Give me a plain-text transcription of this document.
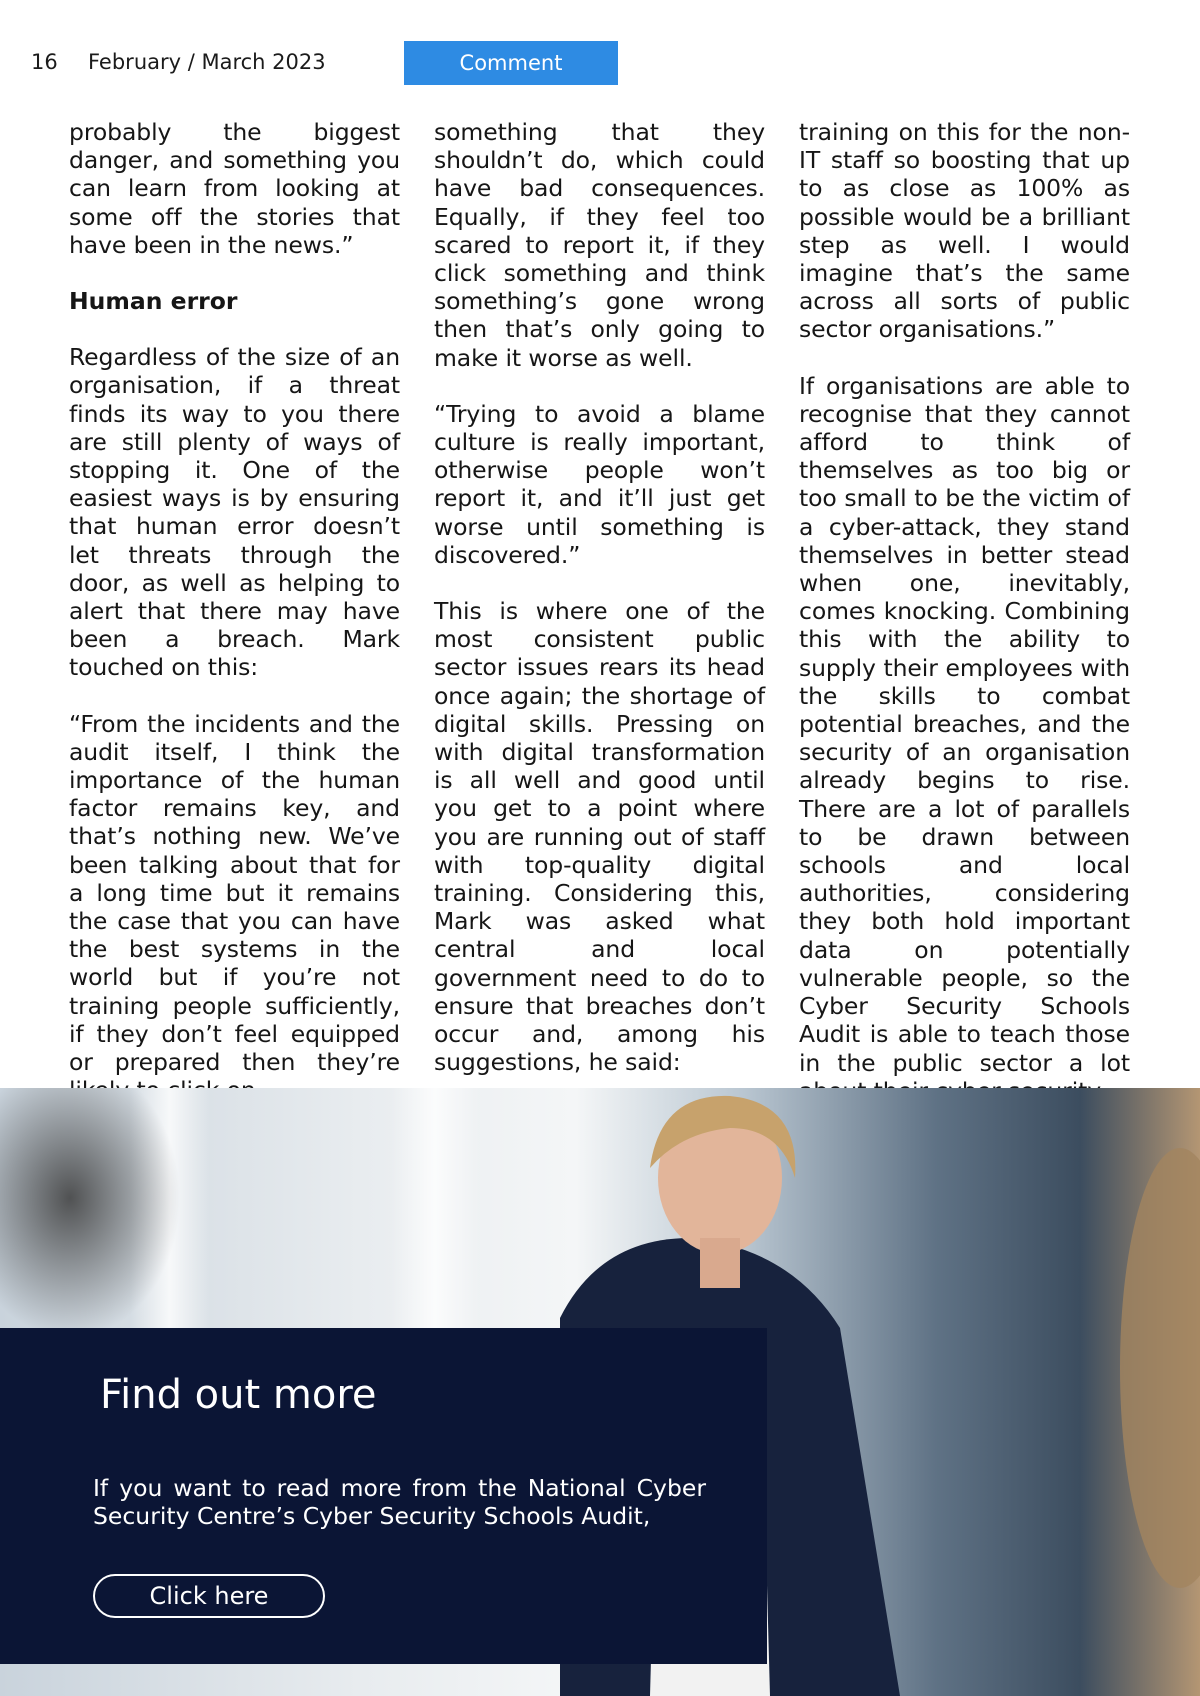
16 February / March 2023	Comment

probably the biggest danger, and something you can learn from looking at some off the stories that have been in the news.”

Human error

Regardless of the size of an organisation, if a threat finds its way to you there are still plenty of ways of stopping it. One of the easiest ways is by ensuring that human error doesn’t let threats through the door, as well as helping to alert that there may have been a breach. Mark touched on this:

“From the incidents and the audit itself, I think the importance of the human factor remains key, and that’s nothing new. We’ve been talking about that for a long time but it remains the case that you can have the best systems in the world but if you’re not training people sufficiently, if they don’t feel equipped or prepared then they’re

something that they shouldn’t do, which could have bad consequences. Equally, if they feel too scared to report it, if they click something and think something’s gone wrong then that’s only going to make it worse as well.

“Trying to avoid a blame culture is really important, otherwise people won’t report it, and it’ll just get worse until something is discovered.”

This is where one of the most consistent public sector issues rears its head once again; the shortage of digital skills. Pressing on with digital transformation is all well and good until you get to a point where you are running out of staff with top-quality digital training. Considering this, Mark was asked what central and local government need to do to ensure that breaches don’t occur and, among his suggestions, he said:

training on this for the non-IT staff so boosting that up to as close as 100% as possible would be a brilliant step as well. I would imagine that’s the same across all sorts of public sector organisations.”

If organisations are able to recognise that they cannot afford to think of themselves as too big or too small to be the victim of a cyber-attack, they stand themselves in better stead when one, inevitably, comes knocking. Combining this with the ability to supply their employees with the skills to combat potential breaches, and the security of an organisation already begins to rise. There are a lot of parallels to be drawn between schools and local authorities, considering they both hold important data on potentially vulnerable people, so the Cyber Security Schools Audit is able to teach those in the public sector a lot

Find out more

If you want to read more from the National Cyber Security Centre’s Cyber Security Schools Audit,

Click here
